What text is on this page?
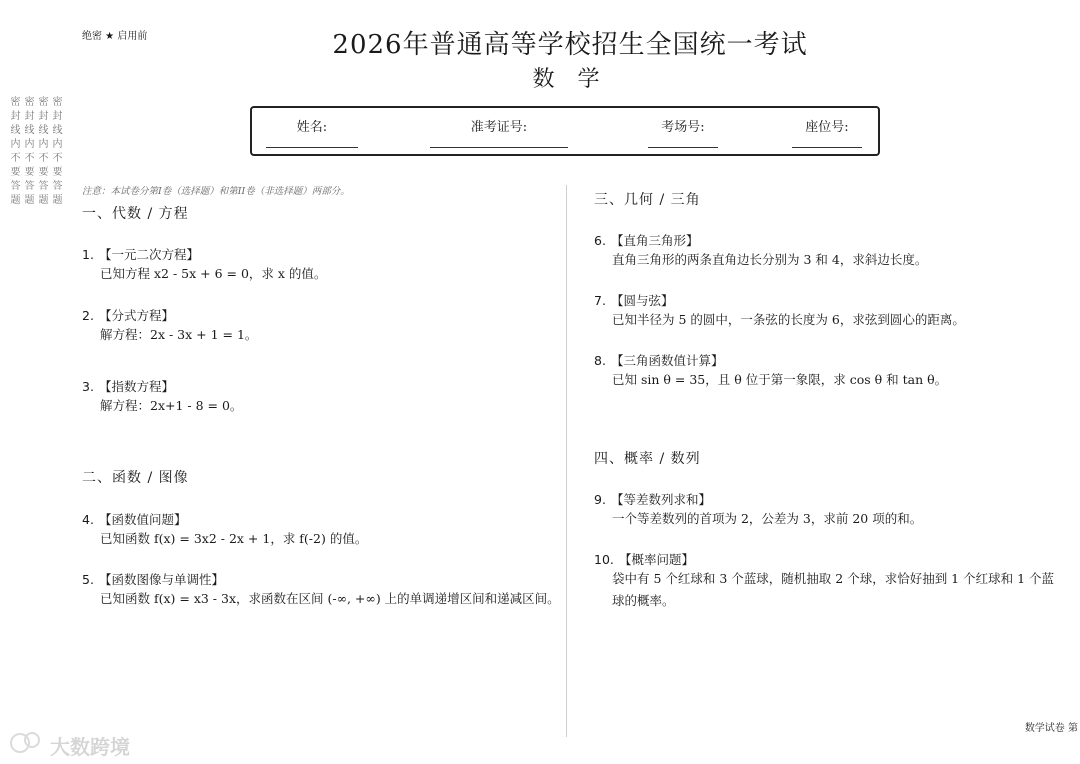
绝密 ★ 启用前	2026年普通高等学校招生全国统一考试
数 学
姓名:	准考证号:	考场号:	座位号:
密封线内不要答题 密封线内不要答题 密封线内不要答题 密封线内不要答题 注意：本试卷分第I卷（选择题）和第II卷（非选择题）两部分。
一、代数 / 方程
1. 【一元二次方程】
已知方程 x2 - 5x + 6 = 0，求 x 的值。
2. 【分式方程】
解方程：2x - 3x + 1 = 1。
3. 【指数方程】
解方程：2x+1 - 8 = 0。
二、函数 / 图像
4. 【函数值问题】
已知函数 f(x) = 3x2 - 2x + 1，求 f(-2) 的值。
5. 【函数图像与单调性】
已知函数 f(x) = x3 - 3x，求函数在区间 (-∞, +∞) 上的单调递增区间和递减区间。
三、几何 / 三角
6. 【直角三角形】
直角三角形的两条直角边长分别为 3 和 4，求斜边长度。
7. 【圆与弦】
已知半径为 5 的圆中，一条弦的长度为 6，求弦到圆心的距离。
8. 【三角函数值计算】
已知 sin θ = 35，且 θ 位于第一象限，求 cos θ 和 tan θ。
四、概率 / 数列
9. 【等差数列求和】
一个等差数列的首项为 2，公差为 3，求前 20 项的和。
10. 【概率问题】
袋中有 5 个红球和 3 个蓝球，随机抽取 2 个球，求恰好抽到 1 个红球和 1 个蓝球的概率。
数学试卷 第
大数跨境
